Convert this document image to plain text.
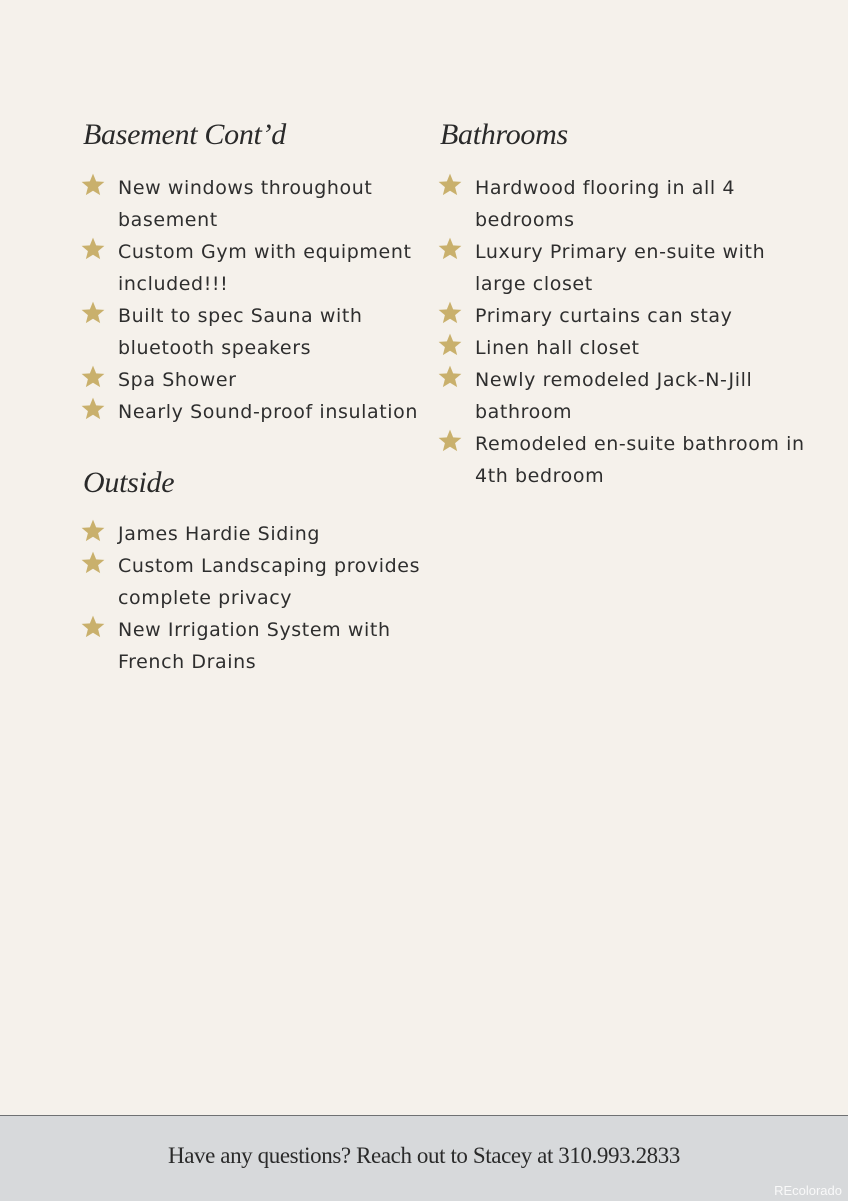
Basement Cont’d
New windows throughout basement
Custom Gym with equipment included!!!
Built to spec Sauna with bluetooth speakers
Spa Shower
Nearly Sound-proof insulation
Outside
James Hardie Siding
Custom Landscaping provides complete privacy
New Irrigation System with French Drains
Bathrooms
Hardwood flooring in all 4 bedrooms
Luxury Primary en-suite with large closet
Primary curtains can stay
Linen hall closet
Newly remodeled Jack-N-Jill bathroom
Remodeled en-suite bathroom in 4th bedroom
Have any questions? Reach out to Stacey at 310.993.2833
REcolorado
